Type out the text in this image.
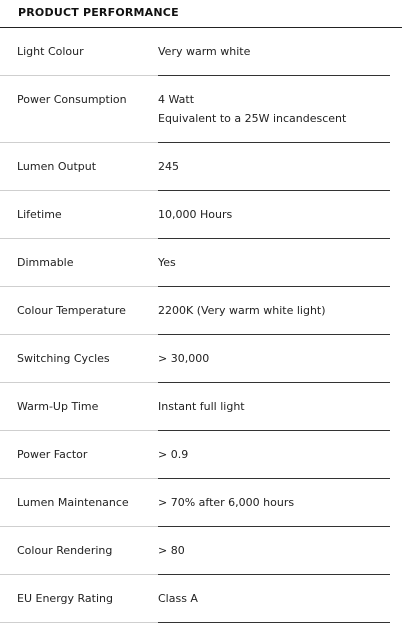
PRODUCT PERFORMANCE
Light Colour	Very warm white
Power Consumption	4 Watt
Equivalent to a 25W incandescent
Lumen Output	245
Lifetime	10,000 Hours
Dimmable	Yes
Colour Temperature	2200K (Very warm white light)
Switching Cycles	> 30,000
Warm-Up Time	Instant full light
Power Factor	> 0.9
Lumen Maintenance	> 70% after 6,000 hours
Colour Rendering	> 80
EU Energy Rating	Class A
